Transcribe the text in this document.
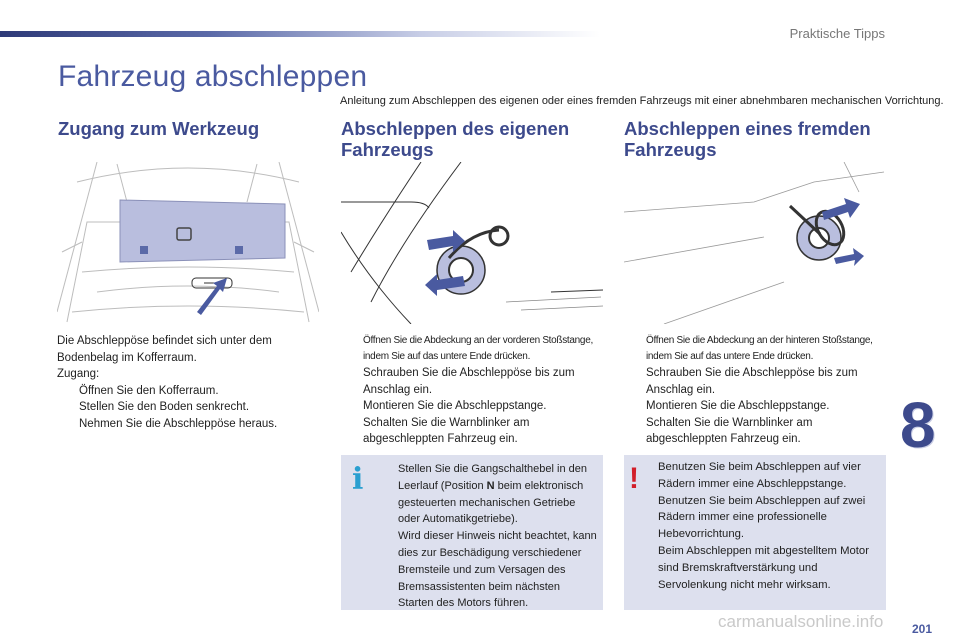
Praktische Tipps
Fahrzeug abschleppen
Anleitung zum Abschleppen des eigenen oder eines fremden Fahrzeugs mit einer abnehmbaren mechanischen Vorrichtung.
Zugang zum Werkzeug	Abschleppen des eigenen
Fahrzeugs
Abschleppen eines fremden
Fahrzeugs
Die Abschleppöse befindet sich unter dem Bodenbelag im Kofferraum.
Zugang:
Öffnen Sie den Kofferraum.
Stellen Sie den Boden senkrecht.
Nehmen Sie die Abschleppöse heraus.
Öffnen Sie die Abdeckung an der vorderen Stoßstange, indem Sie auf das untere Ende drücken.
Schrauben Sie die Abschleppöse bis zum Anschlag ein.
Montieren Sie die Abschleppstange.
Schalten Sie die Warnblinker am abgeschleppten Fahrzeug ein.
Öffnen Sie die Abdeckung an der hinteren Stoßstange, indem Sie auf das untere Ende drücken.
Schrauben Sie die Abschleppöse bis zum Anschlag ein.
Montieren Sie die Abschleppstange.
Schalten Sie die Warnblinker am abgeschleppten Fahrzeug ein.
i	Stellen Sie die Gangschalthebel in den Leerlauf (Position N beim elektronisch gesteuerten mechanischen Getriebe oder Automatikgetriebe).
Wird dieser Hinweis nicht beachtet, kann dies zur Beschädigung verschiedener Bremsteile und zum Versagen des Bremsassistenten beim nächsten Starten des Motors führen.
! Benutzen Sie beim Abschleppen auf vier Rädern immer eine Abschleppstange.
Benutzen Sie beim Abschleppen auf zwei Rädern immer eine professionelle Hebevorrichtung.
Beim Abschleppen mit abgestelltem Motor sind Bremskraftverstärkung und Servolenkung nicht mehr wirksam.
8
201
carmanualsonline.info
